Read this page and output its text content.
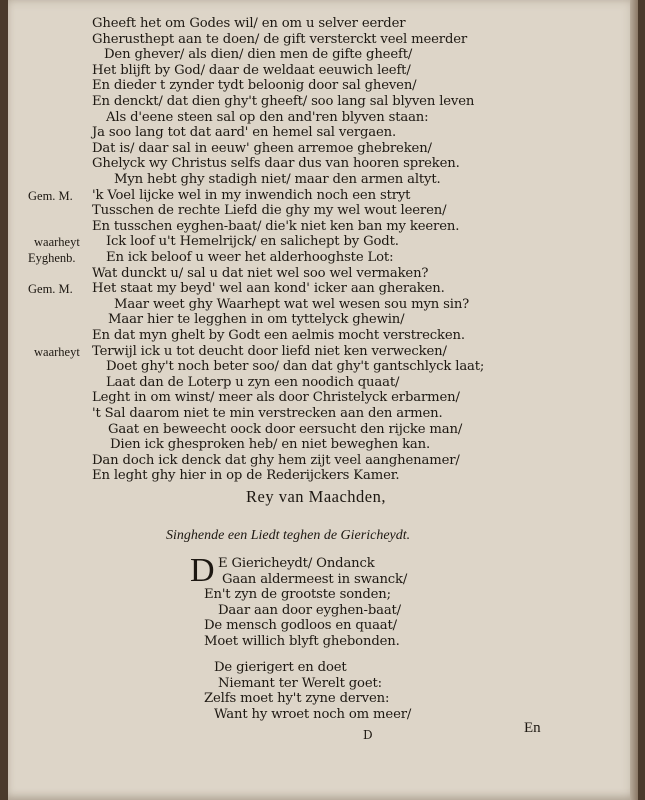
Gheeft het om Godes wil/ en om u selver eerder
Gherusthept aan te doen/ de gift versterckt veel meerder
Den ghever/ als dien/ dien men de gifte gheeft/
Het blijft by God/ daar de weldaat eeuwich leeft/
En dieder t zynder tydt beloonig door sal gheven/
En denckt/ dat dien ghy't gheeft/ soo lang sal blyven leven
Als d'eene steen sal op den and'ren blyven staan:
Ja soo lang tot dat aard' en hemel sal vergaen.
Dat is/ daar sal in eeuw' gheen arremoe ghebreken/
Ghelyck wy Christus selfs daar dus van hooren spreken.
Myn hebt ghy stadigh niet/ maar den armen altyt.
'k Voel lijcke wel in my inwendich noch een stryt
Tusschen de rechte Liefd die ghy my wel wout leeren/
En tusschen eyghen-baat/ die'k niet ken ban my keeren.
Ick loof u't Hemelrijck/ en salichept by Godt.
En ick beloof u weer het alderhooghste Lot:
Wat dunckt u/ sal u dat niet wel soo wel vermaken?
Het staat my beyd' wel aan kond' icker aan gheraken.
Maar weet ghy Waarhept wat wel wesen sou myn sin?
Maar hier te legghen in om tyttelyck ghewin/
En dat myn ghelt by Godt een aelmis mocht verstrecken.
Terwijl ick u tot deucht door liefd niet ken verwecken/
Doet ghy't noch beter soo/ dan dat ghy't gantschlyck laat;
Laat dan de Loterp u zyn een noodich quaat/
Leght in om winst/ meer als door Christelyck erbarmen/
't Sal daarom niet te min verstrecken aan den armen.
Gaat en beweecht oock door eersucht den rijcke man/
Dien ick ghesproken heb/ en niet beweghen kan.
Dan doch ick denck dat ghy hem zijt veel aanghenamer/
En leght ghy hier in op de Rederijckers Kamer.
Gem. M.
waarheyt
Eyghenb.
Gem. M.
waarheyt
Rey van Maachden,
Singhende een Liedt teghen de Giericheydt.
D E Giericheydt/ Ondanck
Gaan aldermeest in swanck/
En't zyn de grootste sonden;
Daar aan door eyghen-baat/
De mensch godloos en quaat/
Moet willich blyft ghebonden.
De gierigert en doet
Niemant ter Werelt goet:
Zelfs moet hy't zyne derven:
Want hy wroet noch om meer/
D	En
